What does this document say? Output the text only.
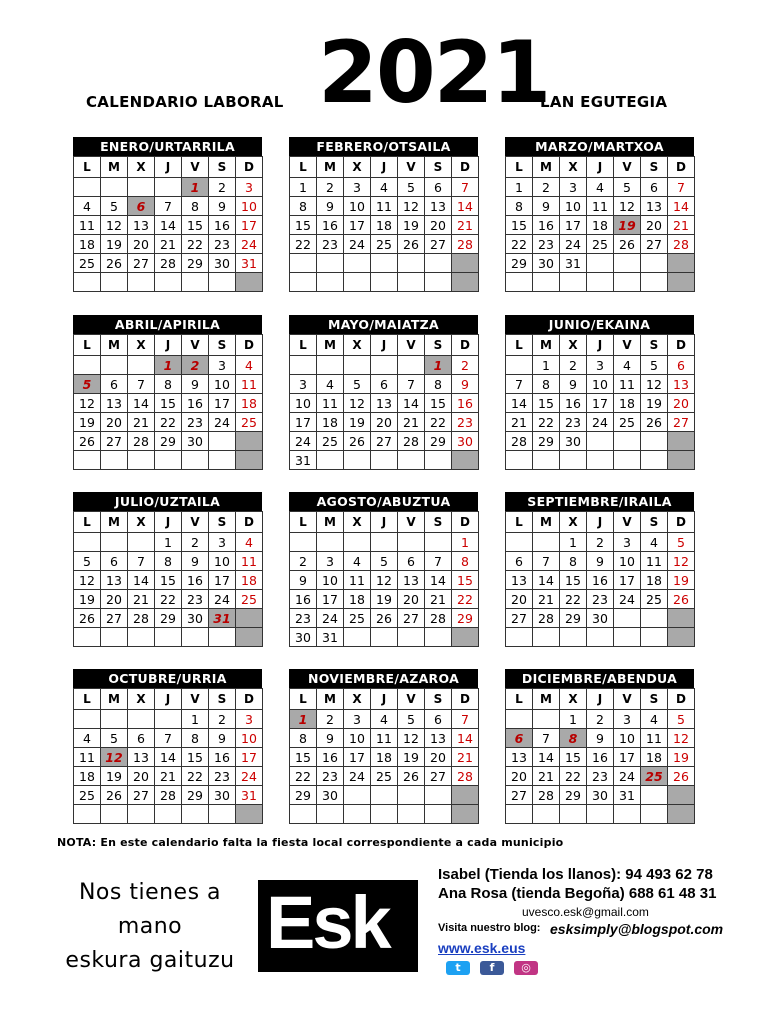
CALENDARIO LABORAL 2021
LAN EGUTEGIA
ENERO/URTARRILA
L	M	X	J	V	S	D
				1	2	3
4	5	6	7	8	9	10
11	12	13	14	15	16	17
18	19	20	21	22	23	24
25	26	27	28	29	30	31

FEBRERO/OTSAILA
L	M	X	J	V	S	D
1	2	3	4	5	6	7
8	9	10	11	12	13	14
15	16	17	18	19	20	21
22	23	24	25	26	27	28

MARZO/MARTXOA
L	M	X	J	V	S	D
1	2	3	4	5	6	7
8	9	10	11	12	13	14
15	16	17	18	19	20	21
22	23	24	25	26	27	28
29	30	31				

ABRIL/APIRILA
L	M	X	J	V	S	D
			1	2	3	4
5	6	7	8	9	10	11
12	13	14	15	16	17	18
19	20	21	22	23	24	25
26	27	28	29	30		

MAYO/MAIATZA
L	M	X	J	V	S	D
					1	2
3	4	5	6	7	8	9
10	11	12	13	14	15	16
17	18	19	20	21	22	23
24	25	26	27	28	29	30
31						
JUNIO/EKAINA
L	M	X	J	V	S	D
	1	2	3	4	5	6
7	8	9	10	11	12	13
14	15	16	17	18	19	20
21	22	23	24	25	26	27
28	29	30				

JULIO/UZTAILA
L	M	X	J	V	S	D
			1	2	3	4
5	6	7	8	9	10	11
12	13	14	15	16	17	18
19	20	21	22	23	24	25
26	27	28	29	30	31	

AGOSTO/ABUZTUA
L	M	X	J	V	S	D
						1
2	3	4	5	6	7	8
9	10	11	12	13	14	15
16	17	18	19	20	21	22
23	24	25	26	27	28	29
30	31					
SEPTIEMBRE/IRAILA
L	M	X	J	V	S	D
		1	2	3	4	5
6	7	8	9	10	11	12
13	14	15	16	17	18	19
20	21	22	23	24	25	26
27	28	29	30			

OCTUBRE/URRIA
L	M	X	J	V	S	D
				1	2	3
4	5	6	7	8	9	10
11	12	13	14	15	16	17
18	19	20	21	22	23	24
25	26	27	28	29	30	31

NOVIEMBRE/AZAROA
L	M	X	J	V	S	D
1	2	3	4	5	6	7
8	9	10	11	12	13	14
15	16	17	18	19	20	21
22	23	24	25	26	27	28
29	30					

DICIEMBRE/ABENDUA
L	M	X	J	V	S	D
		1	2	3	4	5
6	7	8	9	10	11	12
13	14	15	16	17	18	19
20	21	22	23	24	25	26
27	28	29	30	31		

NOTA: En este calendario falta la fiesta local correspondiente a cada municipio
Nos tienes a
mano
eskura gaituzu Esk
Isabel (Tienda los llanos): 94 493 62 78
Ana Rosa (tienda Begoña) 688 61 48 31
uvesco.esk@gmail.com
Visita nuestro blog: esksimply@blogspot.com
www.esk.eus
t	f	◎
